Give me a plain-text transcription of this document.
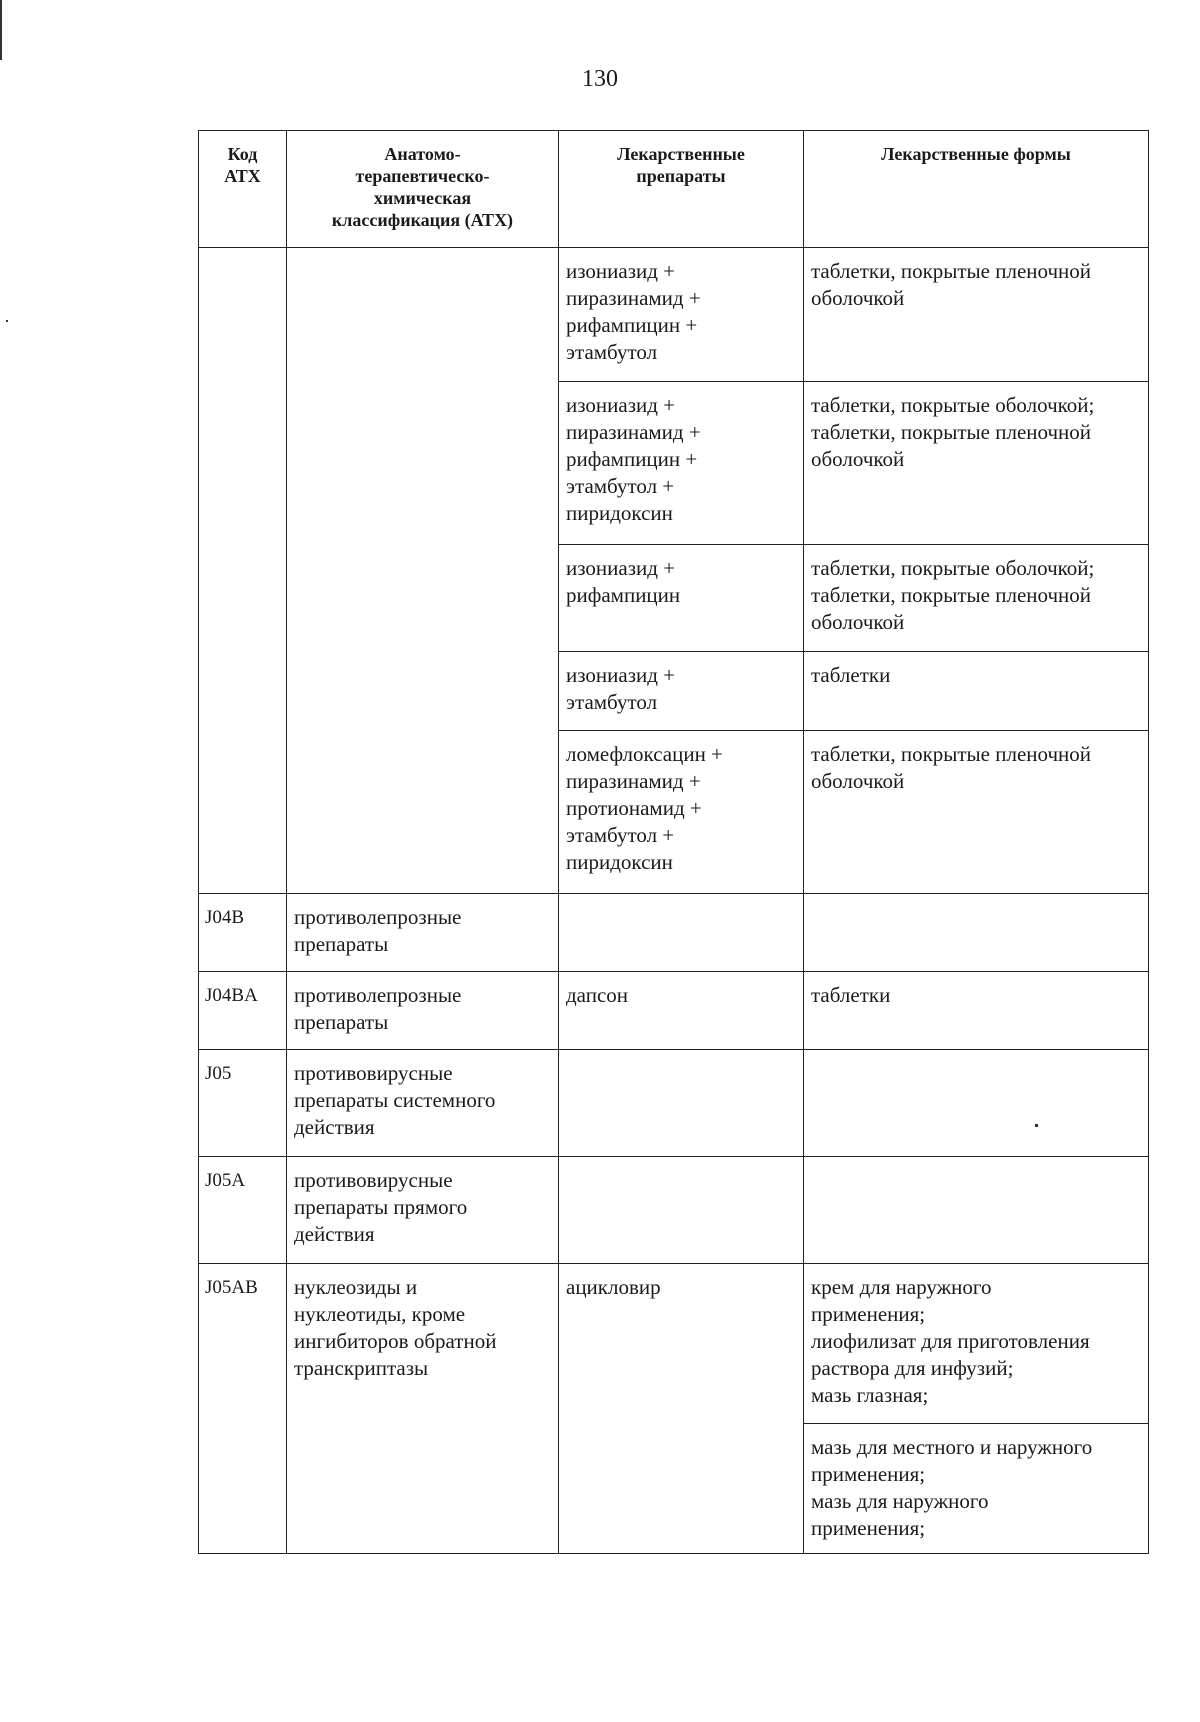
130
Код
АТХ	Анатомо-
терапевтическо-
химическая
классификация (АТХ)	Лекарственные
препараты	Лекарственные формы
		изониазид +
пиразинамид +
рифампицин +
этамбутол	таблетки, покрытые пленочной
оболочкой
		изониазид +
пиразинамид +
рифампицин +
этамбутол +
пиридоксин	таблетки, покрытые оболочкой;
таблетки, покрытые пленочной
оболочкой
		изониазид +
рифампицин	таблетки, покрытые оболочкой;
таблетки, покрытые пленочной
оболочкой
		изониазид +
этамбутол	таблетки
		ломефлоксацин +
пиразинамид +
протионамид +
этамбутол +
пиридоксин	таблетки, покрытые пленочной
оболочкой
J04B	противолепрозные
препараты		
J04BA	противолепрозные
препараты	дапсон	таблетки
J05	противовирусные
препараты системного
действия		
J05A	противовирусные
препараты прямого
действия		
J05AB	нуклеозиды и
нуклеотиды, кроме
ингибиторов обратной
транскриптазы	ацикловир	крем для наружного
применения;
лиофилизат для приготовления
раствора для инфузий;
мазь глазная;
			мазь для местного и наружного
применения;
мазь для наружного
применения;
